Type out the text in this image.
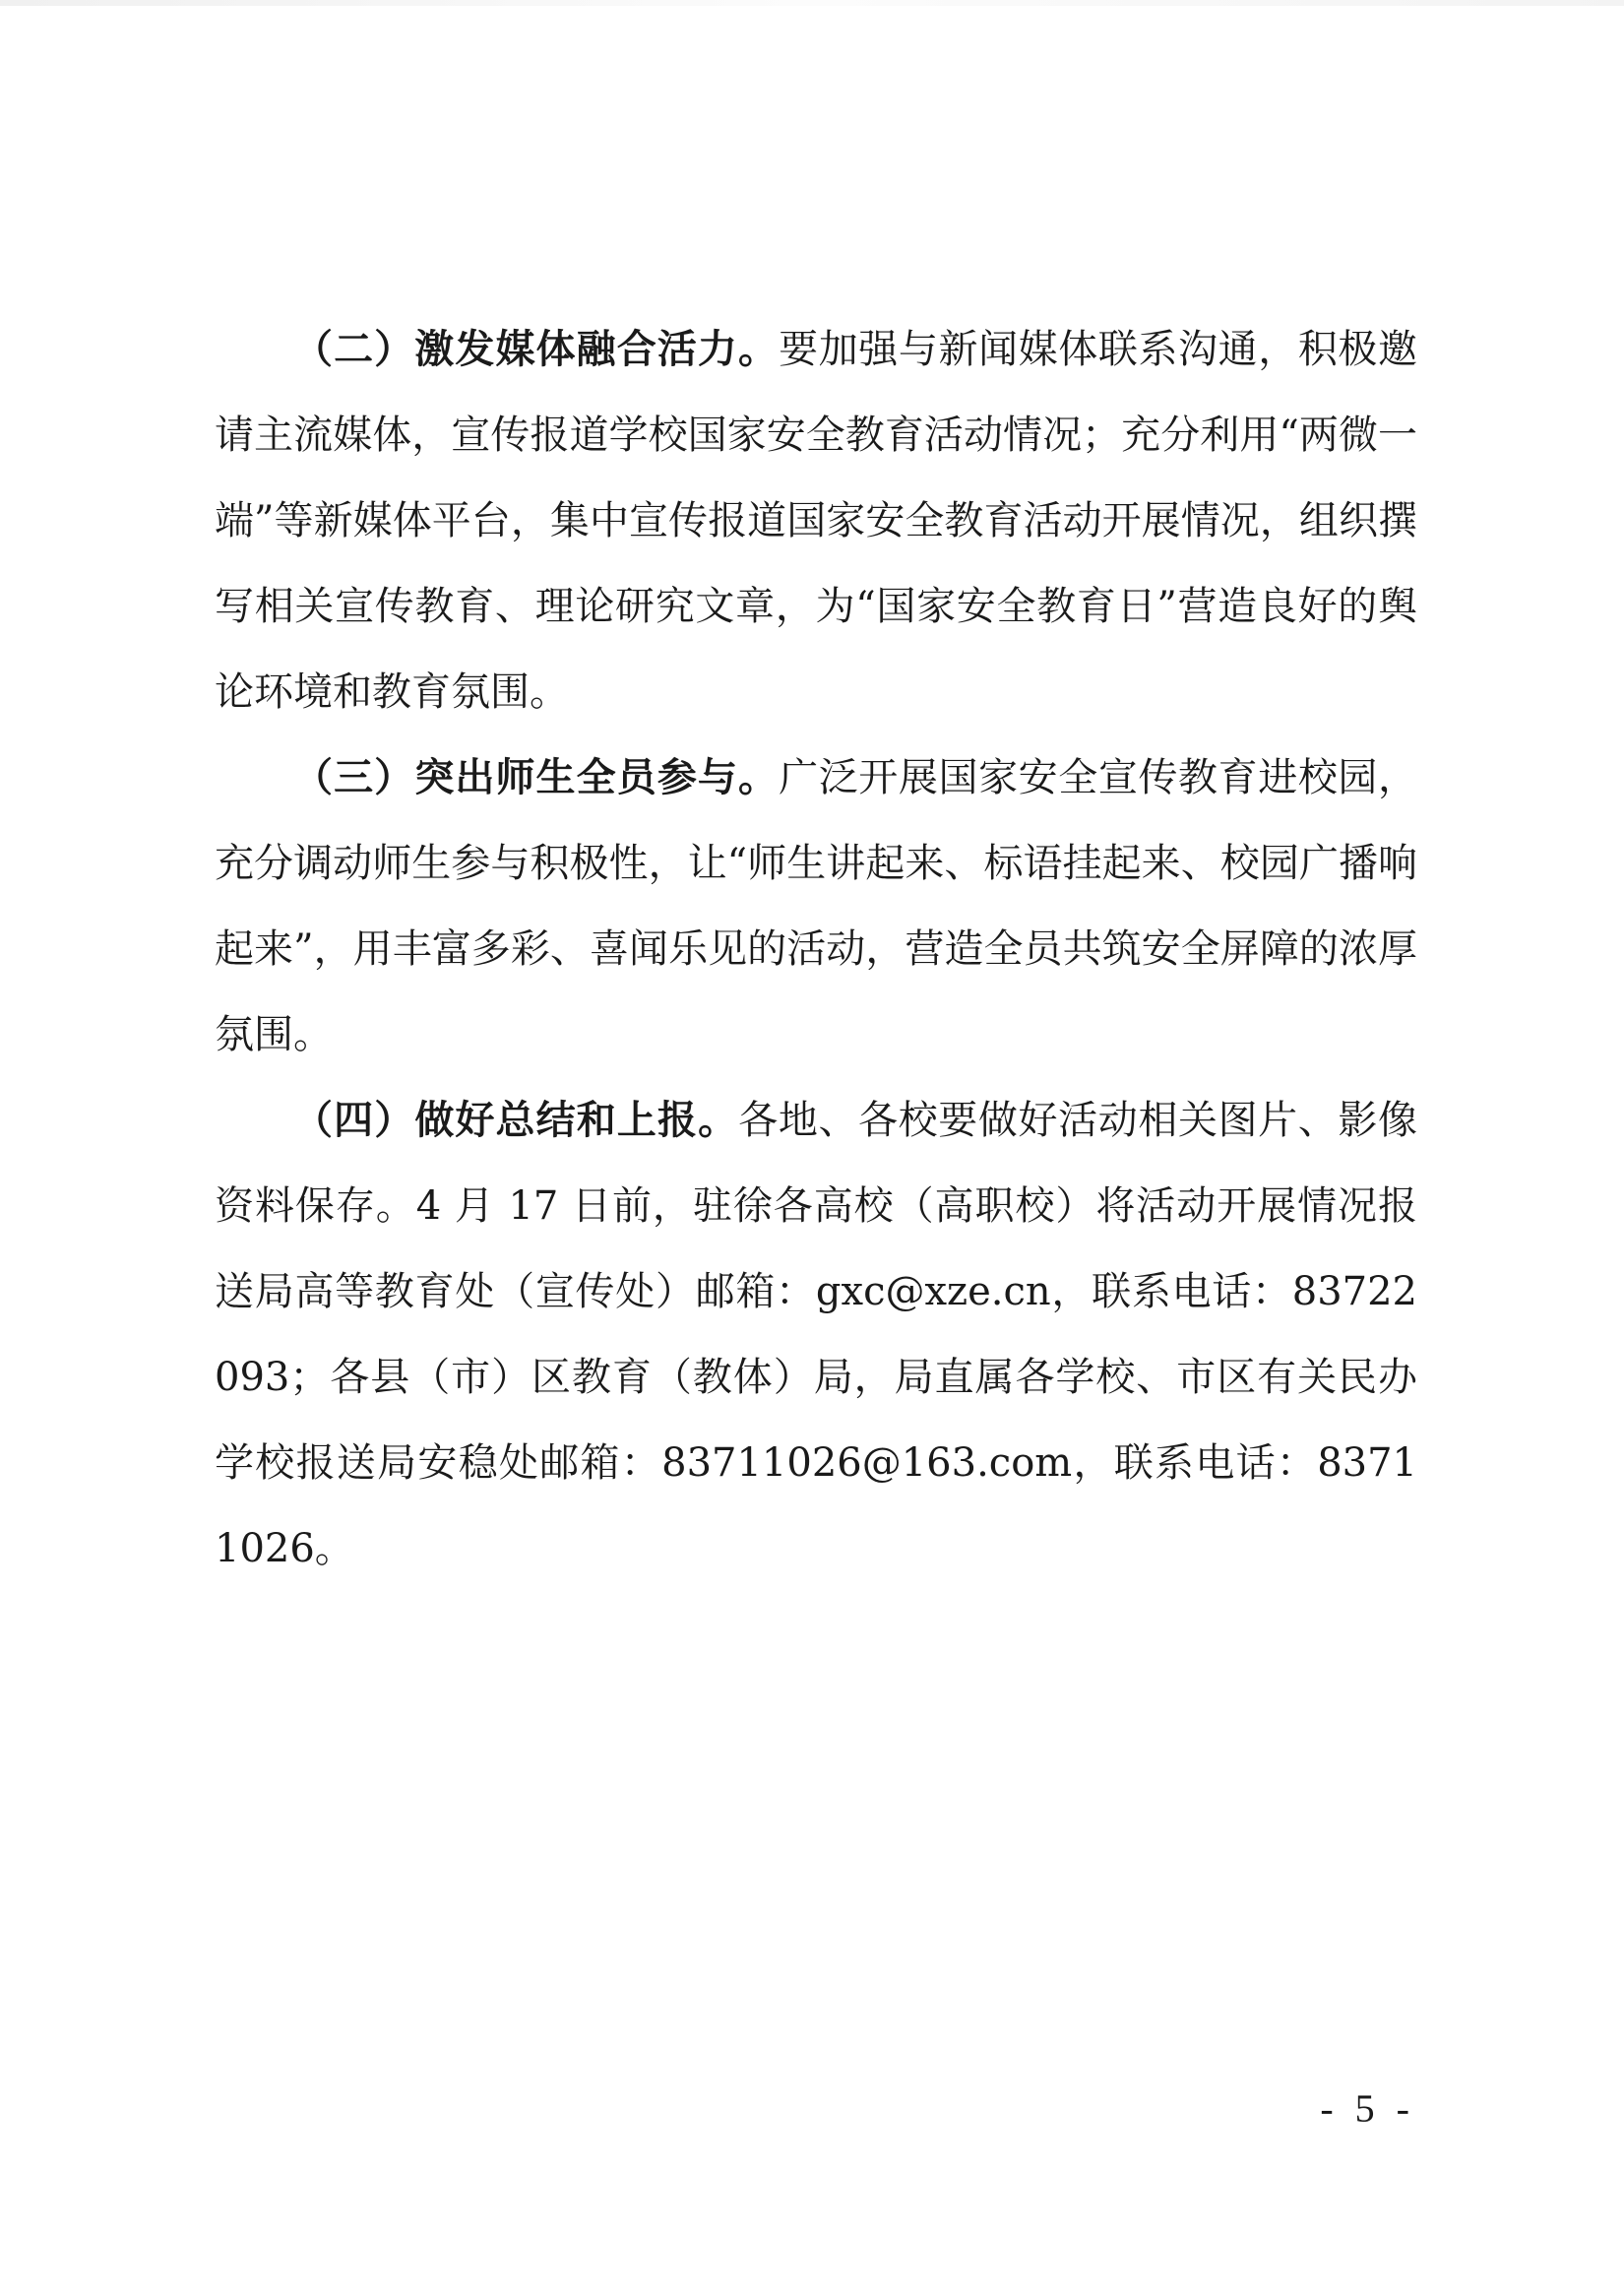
（二）激发媒体融合活力。要加强与新闻媒体联系沟通，积极邀请主流媒体，宣传报道学校国家安全教育活动情况；充分利用“两微一端”等新媒体平台，集中宣传报道国家安全教育活动开展情况，组织撰写相关宣传教育、理论研究文章，为“国家安全教育日”营造良好的舆论环境和教育氛围。

（三）突出师生全员参与。广泛开展国家安全宣传教育进校园，充分调动师生参与积极性，让“师生讲起来、标语挂起来、校园广播响起来”，用丰富多彩、喜闻乐见的活动，营造全员共筑安全屏障的浓厚氛围。

（四）做好总结和上报。各地、各校要做好活动相关图片、影像资料保存。4 月 17 日前，驻徐各高校（高职校）将活动开展情况报送局高等教育处（宣传处）邮箱：gxc@xze.cn，联系电话：83722093；各县（市）区教育（教体）局，局直属各学校、市区有关民办学校报送局安稳处邮箱：83711026@163.com，联系电话：83711026。

- 5 -
